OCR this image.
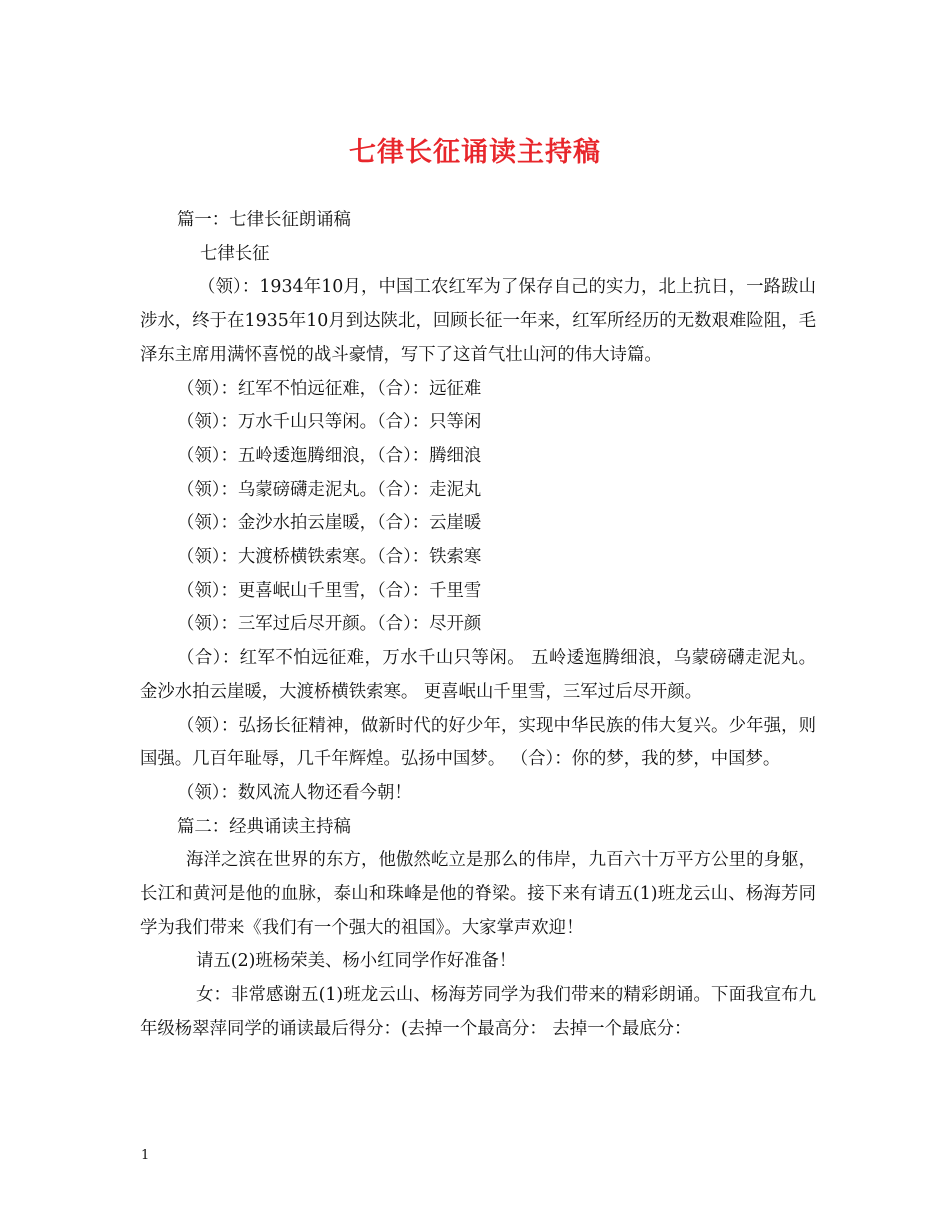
七律长征诵读主持稿

篇一：七律长征朗诵稿

七律长征

（领）：1934年10月，中国工农红军为了保存自己的实力，北上抗日，一路跋山涉水，终于在1935年10月到达陕北，回顾长征一年来，红军所经历的无数艰难险阻，毛泽东主席用满怀喜悦的战斗豪情，写下了这首气壮山河的伟大诗篇。

（领）：红军不怕远征难，（合）：远征难

（领）：万水千山只等闲。（合）：只等闲

（领）：五岭逶迤腾细浪，（合）：腾细浪

（领）：乌蒙磅礴走泥丸。（合）：走泥丸

（领）：金沙水拍云崖暖，（合）：云崖暖

（领）：大渡桥横铁索寒。（合）：铁索寒

（领）：更喜岷山千里雪，（合）：千里雪

（领）：三军过后尽开颜。（合）：尽开颜

（合）：红军不怕远征难，万水千山只等闲。 五岭逶迤腾细浪，乌蒙磅礴走泥丸。 金沙水拍云崖暖，大渡桥横铁索寒。 更喜岷山千里雪，三军过后尽开颜。

（领）：弘扬长征精神，做新时代的好少年，实现中华民族的伟大复兴。少年强，则国强。几百年耻辱，几千年辉煌。弘扬中国梦。 （合）：你的梦，我的梦，中国梦。

（领）：数风流人物还看今朝！

篇二：经典诵读主持稿

海洋之滨在世界的东方，他傲然屹立是那么的伟岸，九百六十万平方公里的身躯，长江和黄河是他的血脉，泰山和珠峰是他的脊梁。接下来有请五(1)班龙云山、杨海芳同学为我们带来《我们有一个强大的祖国》。大家掌声欢迎！

请五(2)班杨荣美、杨小红同学作好准备！

女：非常感谢五(1)班龙云山、杨海芳同学为我们带来的精彩朗诵。下面我宣布九年级杨翠萍同学的诵读最后得分：(去掉一个最高分： 去掉一个最底分：

1
